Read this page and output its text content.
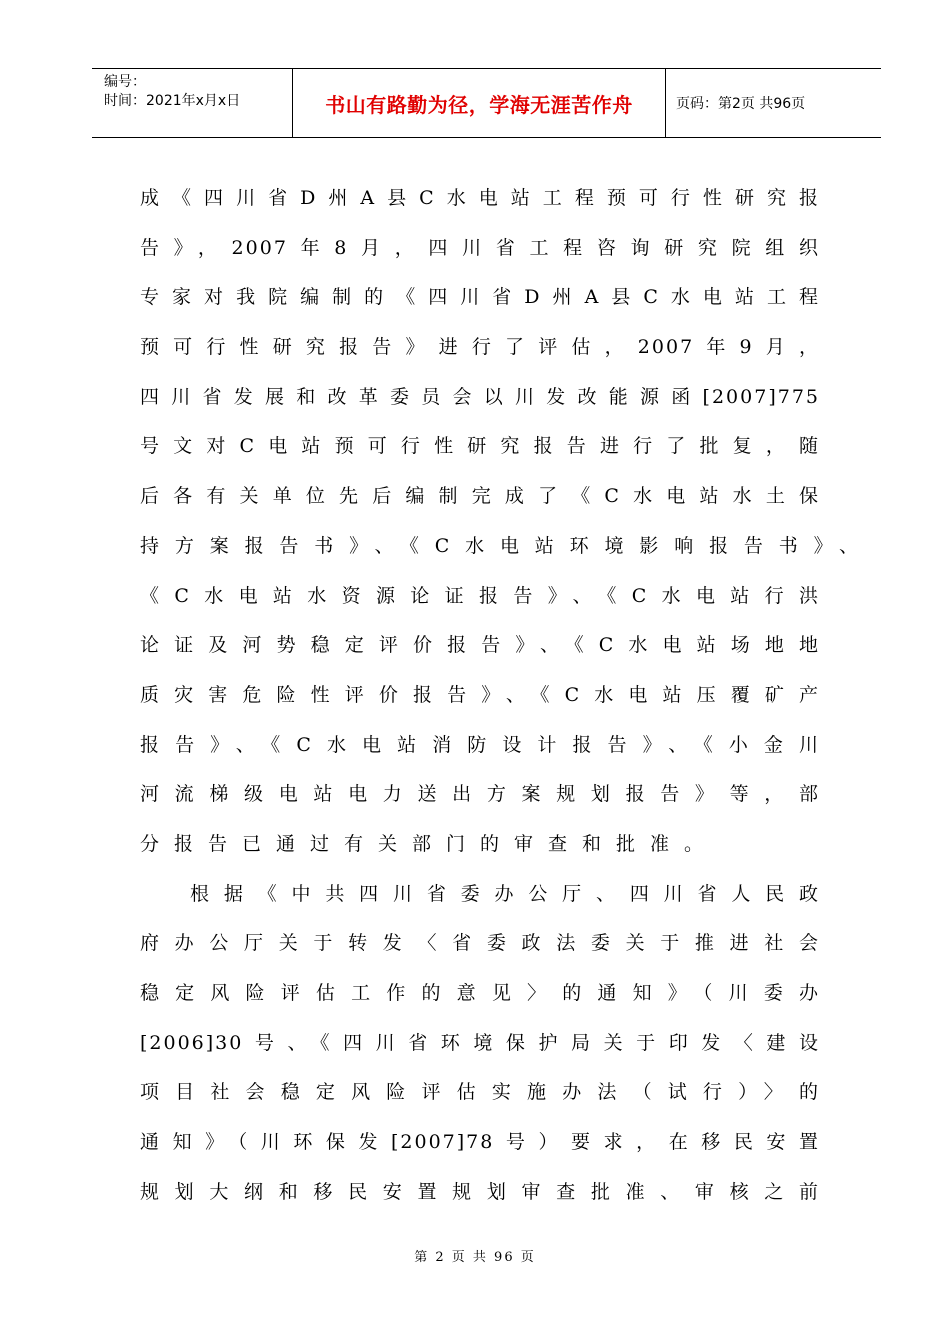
编号：
时间：2021年x月x日	书山有路勤为径，学海无涯苦作舟	页码：第2页 共96页
成《四川省D州A县C水电站工程预可行性研究报
告》，2007年8月，四川省工程咨询研究院组织
专家对我院编制的《四川省D州A县C水电站工程
预可行性研究报告》进行了评估，2007年9月，
四川省发展和改革委员会以川发改能源函[2007]775
号文对C电站预可行性研究报告进行了批复，随
后各有关单位先后编制完成了《C水电站水土保
持方案报告书》、《C水电站环境影响报告书》、
《C水电站水资源论证报告》、《C水电站行洪
论证及河势稳定评价报告》、《C水电站场地地
质灾害危险性评价报告》、《C水电站压覆矿产
报告》、《C水电站消防设计报告》、《小金川
河流梯级电站电力送出方案规划报告》等，部
分报告已通过有关部门的审查和批准。
根据《中共四川省委办公厅、四川省人民政
府办公厅关于转发〈省委政法委关于推进社会
稳定风险评估工作的意见〉的通知》（川委办
[2006]30号、《四川省环境保护局关于印发〈建设
项目社会稳定风险评估实施办法（试行）〉的
通知》（川环保发[2007]78号）要求，在移民安置
规划大纲和移民安置规划审查批准、审核之前
第 2 页 共 96 页
